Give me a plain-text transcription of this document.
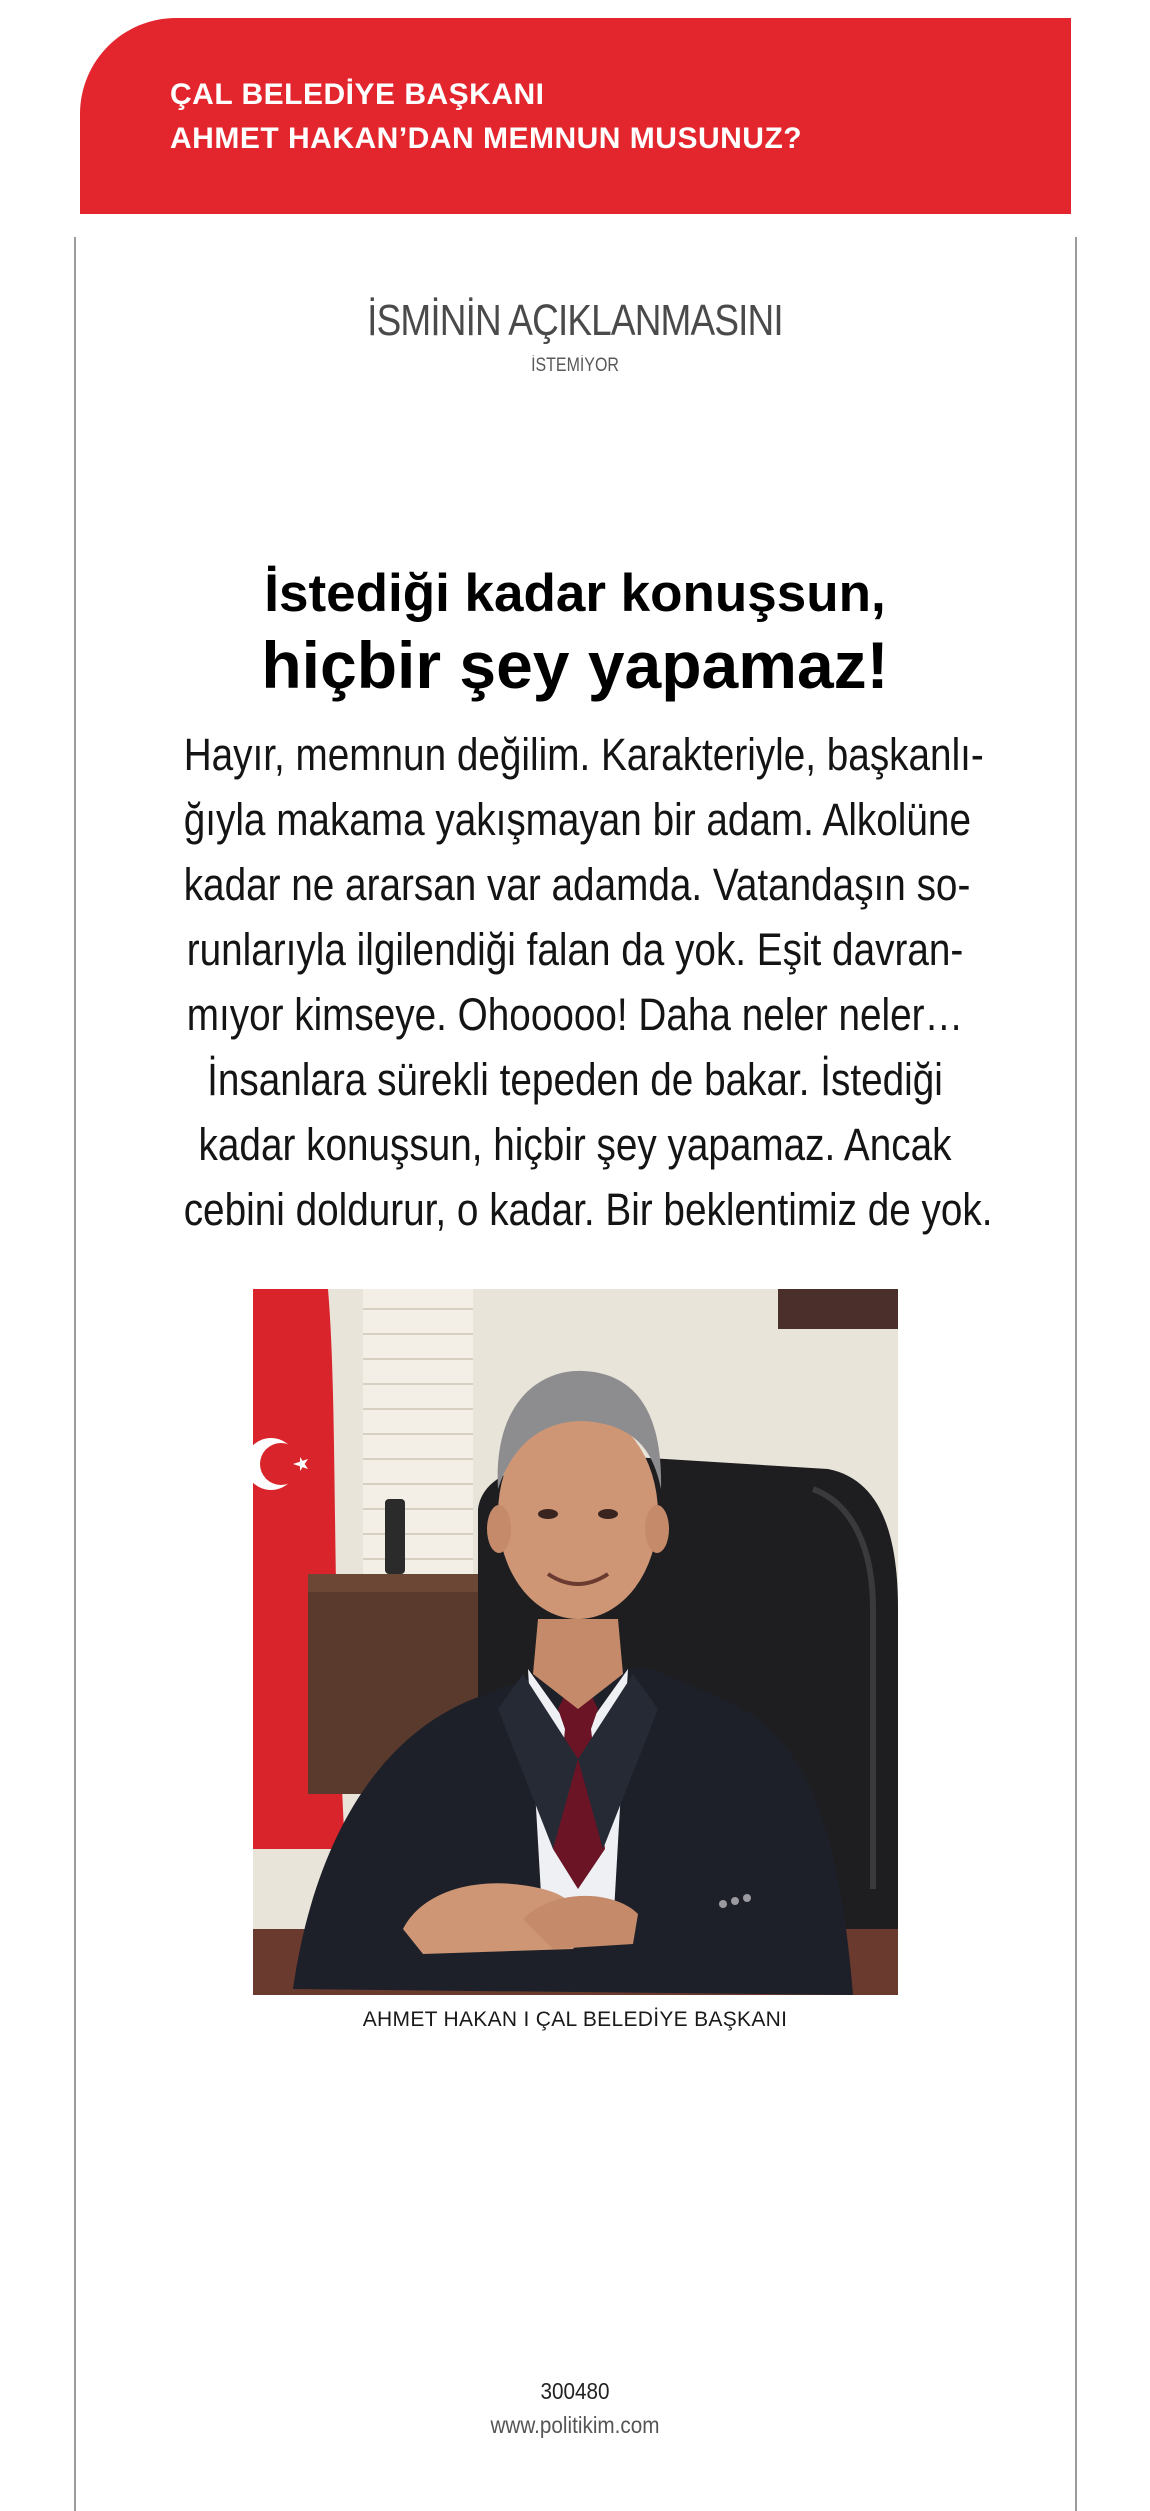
ÇAL BELEDİYE BAŞKANI
AHMET HAKAN’DAN MEMNUN MUSUNUZ?
İSMİNİN AÇIKLANMASINI
İSTEMİYOR
İstediği kadar konuşsun,
hiçbir şey yapamaz!
Hayır, memnun değilim. Karakteriyle, başkanlı-
ğıyla makama yakışmayan bir adam. Alkolüne
kadar ne ararsan var adamda. Vatandaşın so-
runlarıyla ilgilendiği falan da yok. Eşit davran-
mıyor kimseye. Ohooooo! Daha neler neler…
İnsanlara sürekli tepeden de bakar. İstediği
kadar konuşsun, hiçbir şey yapamaz. Ancak
cebini doldurur, o kadar. Bir beklentimiz de yok.
AHMET HAKAN I ÇAL BELEDİYE BAŞKANI
300480
www.politikim.com
